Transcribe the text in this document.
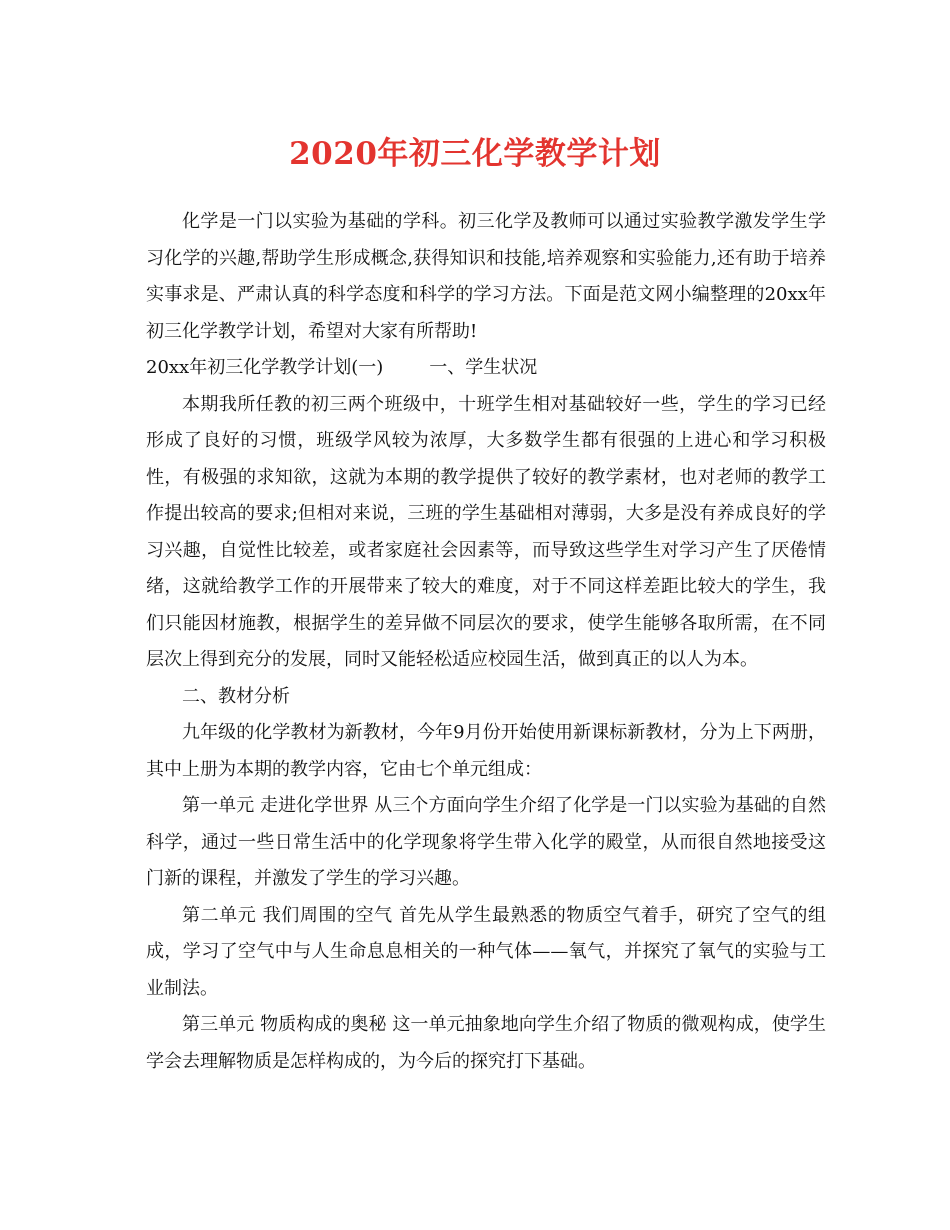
2020年初三化学教学计划

化学是一门以实验为基础的学科。初三化学及教师可以通过实验教学激发学生学习化学的兴趣,帮助学生形成概念,获得知识和技能,培养观察和实验能力,还有助于培养实事求是、严肃认真的科学态度和科学的学习方法。下面是范文网小编整理的20xx年初三化学教学计划，希望对大家有所帮助!

20xx年初三化学教学计划(一)	一、学生状况

本期我所任教的初三两个班级中，十班学生相对基础较好一些，学生的学习已经形成了良好的习惯，班级学风较为浓厚，大多数学生都有很强的上进心和学习积极性，有极强的求知欲，这就为本期的教学提供了较好的教学素材，也对老师的教学工作提出较高的要求;但相对来说，三班的学生基础相对薄弱，大多是没有养成良好的学习兴趣，自觉性比较差，或者家庭社会因素等，而导致这些学生对学习产生了厌倦情绪，这就给教学工作的开展带来了较大的难度，对于不同这样差距比较大的学生，我们只能因材施教，根据学生的差异做不同层次的要求，使学生能够各取所需，在不同层次上得到充分的发展，同时又能轻松适应校园生活，做到真正的以人为本。

二、教材分析

九年级的化学教材为新教材，今年9月份开始使用新课标新教材，分为上下两册，其中上册为本期的教学内容，它由七个单元组成：

第一单元 走进化学世界 从三个方面向学生介绍了化学是一门以实验为基础的自然科学，通过一些日常生活中的化学现象将学生带入化学的殿堂，从而很自然地接受这门新的课程，并激发了学生的学习兴趣。

第二单元 我们周围的空气 首先从学生最熟悉的物质空气着手，研究了空气的组成，学习了空气中与人生命息息相关的一种气体——氧气，并探究了氧气的实验与工业制法。

第三单元 物质构成的奥秘 这一单元抽象地向学生介绍了物质的微观构成，使学生学会去理解物质是怎样构成的，为今后的探究打下基础。
